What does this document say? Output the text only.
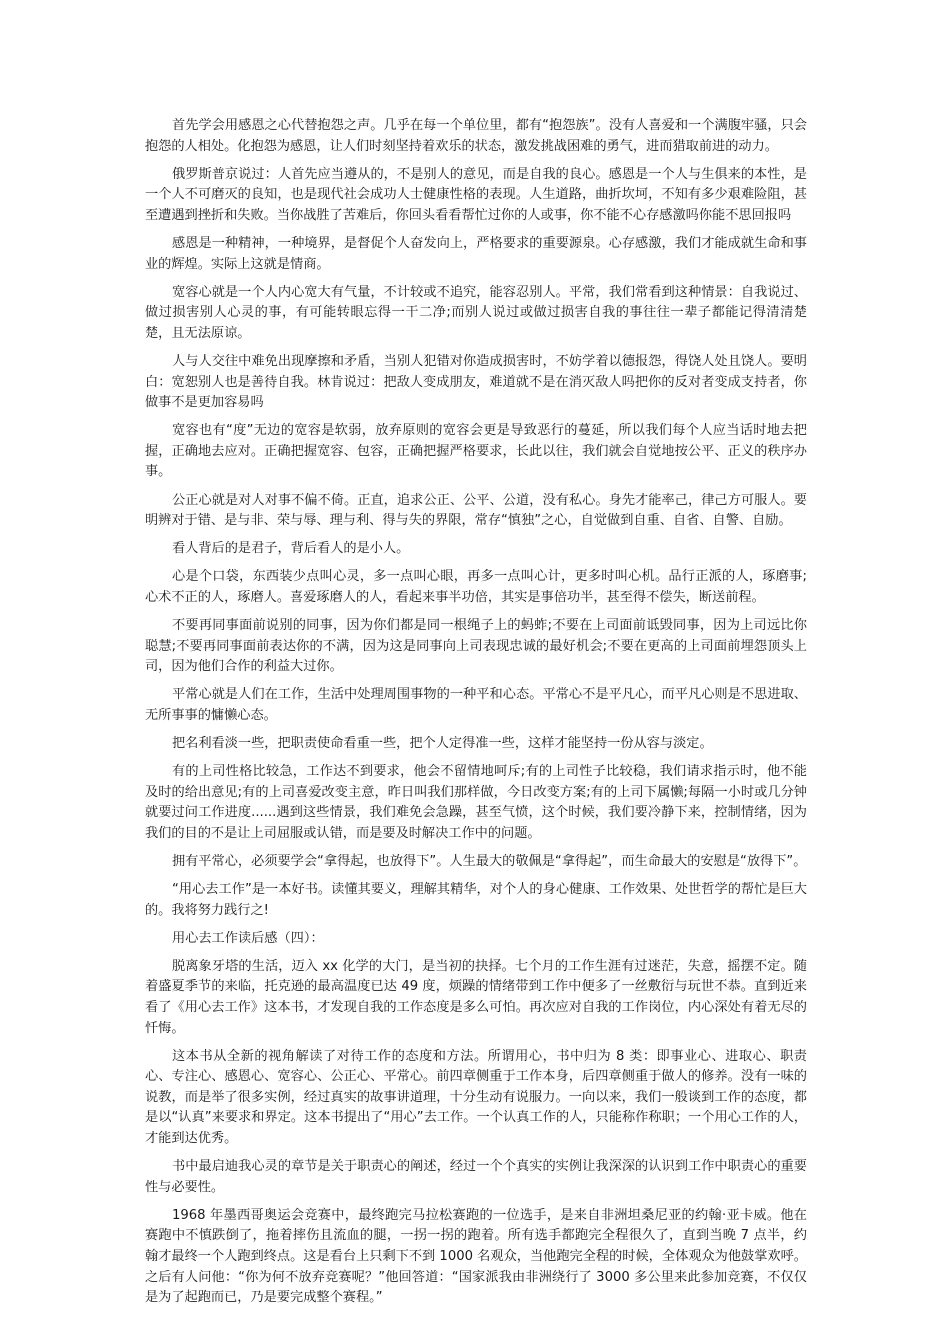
首先学会用感恩之心代替抱怨之声。几乎在每一个单位里，都有“抱怨族”。没有人喜爱和一个满腹牢骚，只会抱怨的人相处。化抱怨为感恩，让人们时刻坚持着欢乐的状态，激发挑战困难的勇气，进而猎取前进的动力。

俄罗斯普京说过：人首先应当遵从的，不是别人的意见，而是自我的良心。感恩是一个人与生俱来的本性，是一个人不可磨灭的良知，也是现代社会成功人士健康性格的表现。人生道路，曲折坎坷，不知有多少艰难险阻，甚至遭遇到挫折和失败。当你战胜了苦难后，你回头看看帮忙过你的人或事，你不能不心存感激吗你能不思回报吗

感恩是一种精神，一种境界，是督促个人奋发向上，严格要求的重要源泉。心存感激，我们才能成就生命和事业的辉煌。实际上这就是情商。

宽容心就是一个人内心宽大有气量，不计较或不追究，能容忍别人。平常，我们常看到这种情景：自我说过、做过损害别人心灵的事，有可能转眼忘得一干二净;而别人说过或做过损害自我的事往往一辈子都能记得清清楚楚，且无法原谅。

人与人交往中难免出现摩擦和矛盾，当别人犯错对你造成损害时，不妨学着以德报怨，得饶人处且饶人。要明白：宽恕别人也是善待自我。林肯说过：把敌人变成朋友，难道就不是在消灭敌人吗把你的反对者变成支持者，你做事不是更加容易吗

宽容也有“度”无边的宽容是软弱，放弃原则的宽容会更是导致恶行的蔓延，所以我们每个人应当话时地去把握，正确地去应对。正确把握宽容、包容，正确把握严格要求，长此以往，我们就会自觉地按公平、正义的秩序办事。

公正心就是对人对事不偏不倚。正直，追求公正、公平、公道，没有私心。身先才能率己，律己方可服人。要明辨对于错、是与非、荣与辱、理与利、得与失的界限，常存“慎独”之心，自觉做到自重、自省、自警、自励。

看人背后的是君子，背后看人的是小人。

心是个口袋，东西装少点叫心灵，多一点叫心眼，再多一点叫心计，更多时叫心机。品行正派的人，琢磨事;心术不正的人，琢磨人。喜爱琢磨人的人，看起来事半功倍，其实是事倍功半，甚至得不偿失，断送前程。

不要再同事面前说别的同事，因为你们都是同一根绳子上的蚂蚱;不要在上司面前诋毁同事，因为上司远比你聪慧;不要再同事面前表达你的不满，因为这是同事向上司表现忠诚的最好机会;不要在更高的上司面前埋怨顶头上司，因为他们合作的利益大过你。

平常心就是人们在工作，生活中处理周围事物的一种平和心态。平常心不是平凡心，而平凡心则是不思进取、无所事事的慵懒心态。

把名利看淡一些，把职责使命看重一些，把个人定得准一些，这样才能坚持一份从容与淡定。

有的上司性格比较急，工作达不到要求，他会不留情地呵斥;有的上司性子比较稳，我们请求指示时，他不能及时的给出意见;有的上司喜爱改变主意，昨日叫我们那样做，今日改变方案;有的上司下属懒;每隔一小时或几分钟就要过问工作进度......遇到这些情景，我们难免会急躁，甚至气愤，这个时候，我们要冷静下来，控制情绪，因为我们的目的不是让上司屈服或认错，而是要及时解决工作中的问题。

拥有平常心，必须要学会“拿得起，也放得下”。人生最大的敬佩是“拿得起”，而生命最大的安慰是“放得下”。

“用心去工作”是一本好书。读懂其要义，理解其精华，对个人的身心健康、工作效果、处世哲学的帮忙是巨大的。我将努力践行之!

用心去工作读后感（四）：

脱离象牙塔的生活，迈入 xx 化学的大门，是当初的抉择。七个月的工作生涯有过迷茫，失意，摇摆不定。随着盛夏季节的来临，托克逊的最高温度已达 49 度，烦躁的情绪带到工作中便多了一丝敷衍与玩世不恭。直到近来看了《用心去工作》这本书，才发现自我的工作态度是多么可怕。再次应对自我的工作岗位，内心深处有着无尽的忏悔。

这本书从全新的视角解读了对待工作的态度和方法。所谓用心，书中归为 8 类：即事业心、进取心、职责心、专注心、感恩心、宽容心、公正心、平常心。前四章侧重于工作本身，后四章侧重于做人的修养。没有一味的说教，而是举了很多实例，经过真实的故事讲道理，十分生动有说服力。一向以来，我们一般谈到工作的态度，都是以“认真”来要求和界定。这本书提出了“用心”去工作。一个认真工作的人，只能称作称职；一个用心工作的人，才能到达优秀。

书中最启迪我心灵的章节是关于职责心的阐述，经过一个个真实的实例让我深深的认识到工作中职责心的重要性与必要性。

1968 年墨西哥奥运会竞赛中，最终跑完马拉松赛跑的一位选手，是来自非洲坦桑尼亚的约翰·亚卡威。他在赛跑中不慎跌倒了，拖着摔伤且流血的腿，一拐一拐的跑着。所有选手都跑完全程很久了，直到当晚 7 点半，约翰才最终一个人跑到终点。这是看台上只剩下不到 1000 名观众，当他跑完全程的时候，全体观众为他鼓掌欢呼。之后有人问他：“你为何不放弃竞赛呢？”他回答道：“国家派我由非洲绕行了 3000 多公里来此参加竞赛，不仅仅是为了起跑而已，乃是要完成整个赛程。”
